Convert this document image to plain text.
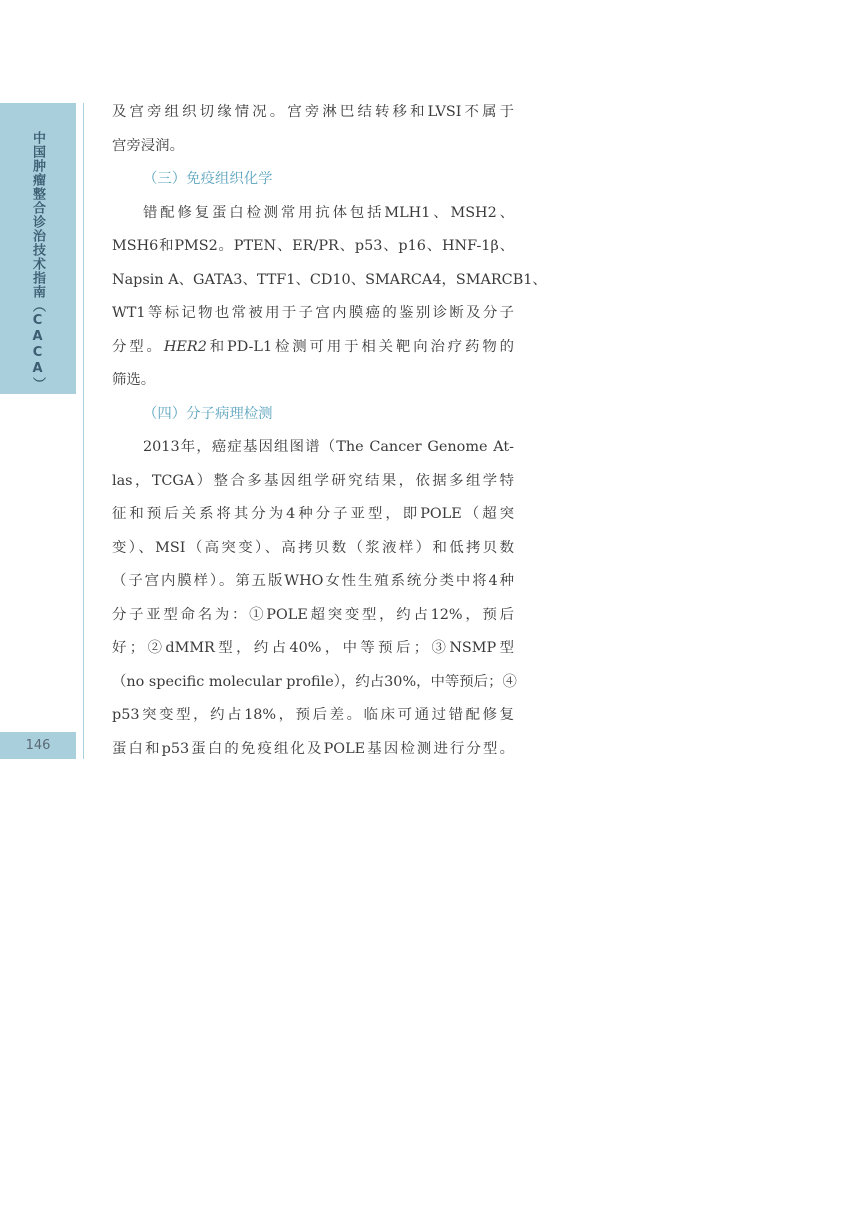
中国肿瘤整合诊治技术指南（CACA）
146
及宫旁组织切缘情况。宫旁淋巴结转移和LVSI不属于
宫旁浸润。
（三）免疫组织化学
错配修复蛋白检测常用抗体包括MLH1、MSH2、
MSH6和PMS2。PTEN、ER/PR、p53、p16、HNF-1β、
Napsin A、GATA3、TTF1、CD10、SMARCA4，SMARCB1、
WT1等标记物也常被用于子宫内膜癌的鉴别诊断及分子
分型。HER2和PD-L1检测可用于相关靶向治疗药物的
筛选。
（四）分子病理检测
2013年，癌症基因组图谱（The Cancer Genome At-
las，TCGA）整合多基因组学研究结果，依据多组学特
征和预后关系将其分为4种分子亚型，即POLE（超突
变）、MSI（高突变）、高拷贝数（浆液样）和低拷贝数
（子宫内膜样）。第五版WHO女性生殖系统分类中将4种
分子亚型命名为：①POLE超突变型，约占12%，预后
好；②dMMR型，约占40%，中等预后；③NSMP型
（no specific molecular profile），约占30%，中等预后；④
p53突变型，约占18%，预后差。临床可通过错配修复
蛋白和p53蛋白的免疫组化及POLE基因检测进行分型。
